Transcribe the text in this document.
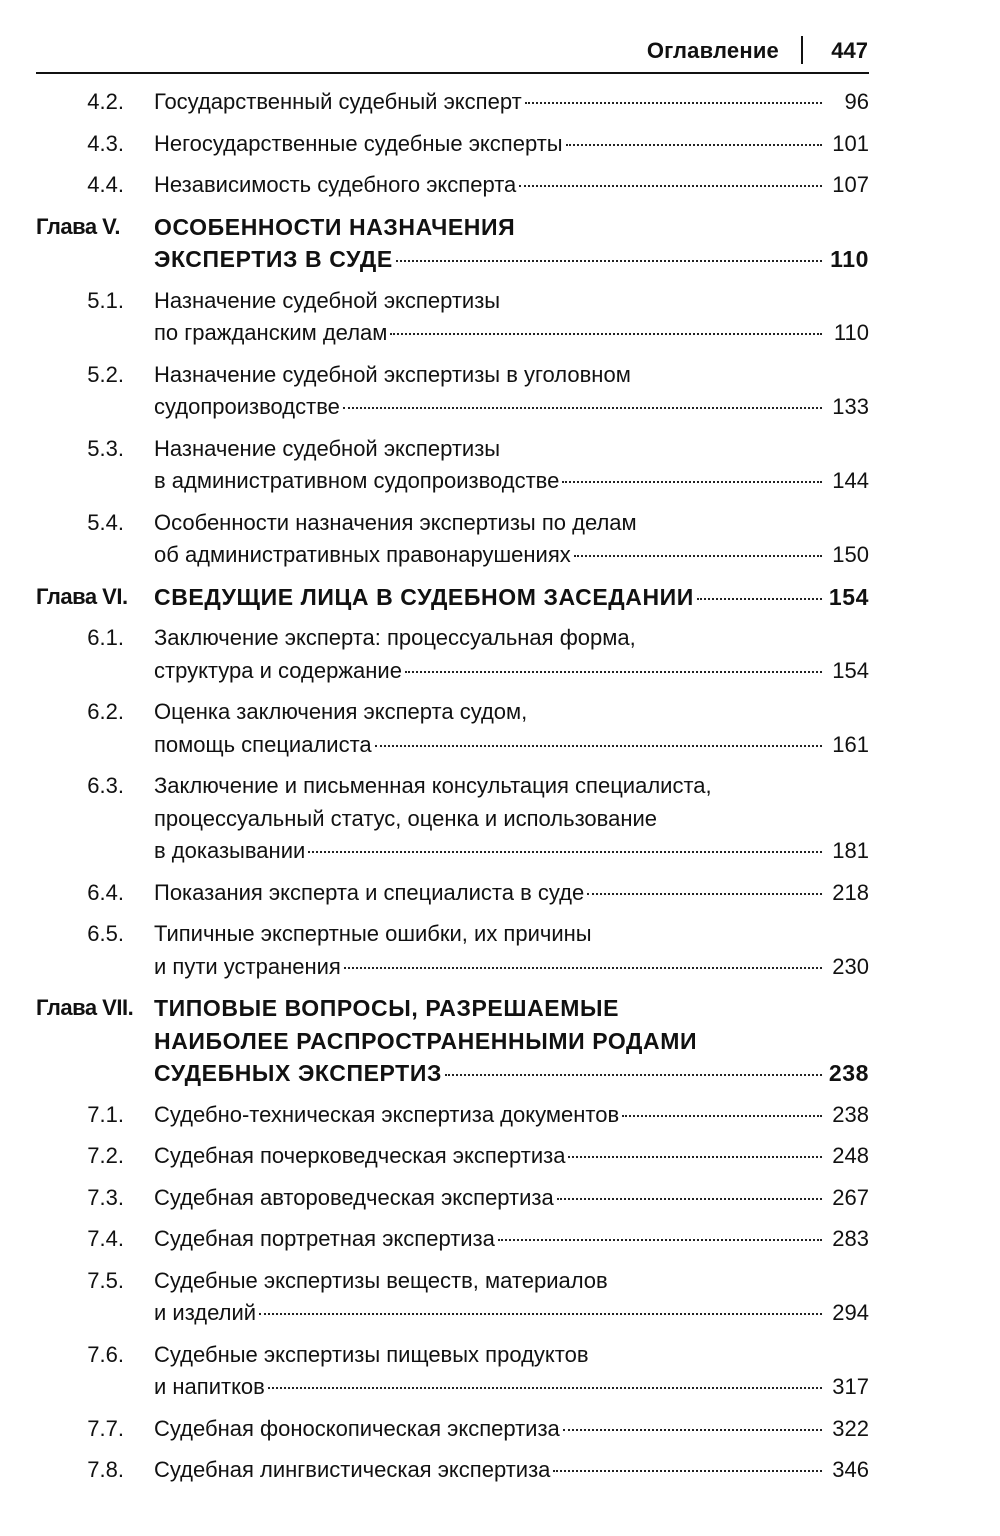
Оглавление 447
4.2. Государственный судебный эксперт	96
4.3. Негосударственные судебные эксперты	101
4.4. Независимость судебного эксперта	107
Глава V.	ОСОБЕННОСТИ НАЗНАЧЕНИЯ
ЭКСПЕРТИЗ В СУДЕ	110
5.1. Назначение судебной экспертизы
по гражданским делам	110
5.2. Назначение судебной экспертизы в уголовном
судопроизводстве	133
5.3. Назначение судебной экспертизы
в административном судопроизводстве	144
5.4. Особенности назначения экспертизы по делам
об административных правонарушениях	150
Глава VI.	СВЕДУЩИЕ ЛИЦА В СУДЕБНОМ ЗАСЕДАНИИ	154
6.1. Заключение эксперта: процессуальная форма,
структура и содержание	154
6.2. Оценка заключения эксперта судом,
помощь специалиста	161
6.3. Заключение и письменная консультация специалиста,
процессуальный статус, оценка и использование
в доказывании	181
6.4. Показания эксперта и специалиста в суде	218
6.5. Типичные экспертные ошибки, их причины
и пути устранения	230
Глава VII. ТИПОВЫЕ ВОПРОСЫ, РАЗРЕШАЕМЫЕ
НАИБОЛЕЕ РАСПРОСТРАНЕННЫМИ РОДАМИ
СУДЕБНЫХ ЭКСПЕРТИЗ	238
7.1. Судебно-техническая экспертиза документов	238
7.2. Судебная почерковедческая экспертиза	248
7.3. Судебная автороведческая экспертиза	267
7.4. Судебная портретная экспертиза	283
7.5. Судебные экспертизы веществ, материалов
и изделий	294
7.6. Судебные экспертизы пищевых продуктов
и напитков	317
7.7. Судебная фоноскопическая экспертиза	322
7.8. Судебная лингвистическая экспертиза	346
